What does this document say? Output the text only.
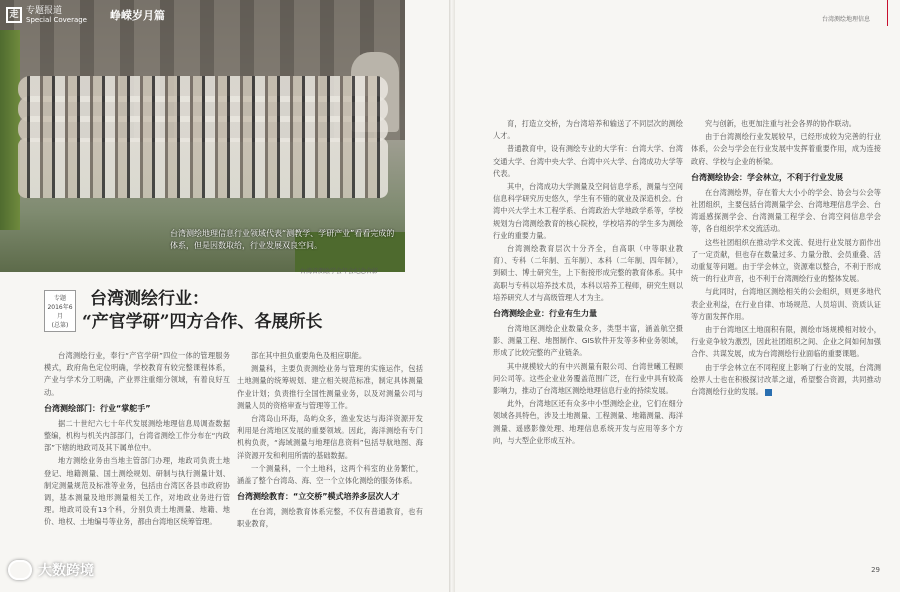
走 专题报道
Special Coverage 峥嵘岁月篇
台湾测绘地理信息行业领域代表“测教学、学研产业”看看完成的体系，但是因数取给，行业发展双良空间。
台湾省测绘学会年会纪念合影
专题
2016年6月
(总第)
台湾测绘行业：
“产官学研”四方合作、各展所长

台湾测绘行业，奉行“产官学研”四位一体的管理服务模式，政府角色定位明确，学校教育有较完整课程体系，产业与学术分工明确，产业界注重细分领域，有着良好互动。

台湾测绘部门：行业“掌舵手”

据二十世纪六七十年代发展测绘地理信息局调查数据整编，机构与机关内部部门，台湾省测绘工作分布在“内政部”下辖的地政司及其下属单位中。

地方测绘业务由当地主管部门办理，地政司负责土地登记、地籍测量、国土测绘规划、研制与执行测量计划、制定测量规范及标准等业务，包括由台湾区各县市政府协调，基本测量及地形测量相关工作，对地政业务进行管理。地政司设有13个科，分别负责土地测量、地籍、地价、地权、土地编号等业务，都由台湾地区统筹管理。

部在其中担负重要角色及相应职能。

测量科，主要负责测绘业务与管理的实施运作，包括土地测量的统筹规划、建立相关规范标准，制定具体测量作业计划；负责推行全国性测量业务，以及对测量公司与测量人员的资格审查与管理等工作。

台湾岛山环海，岛屿众多，渔业发达与海洋资源开发利用是台湾地区发展的重要领域。因此，海洋测绘有专门机构负责，“海域测量与地理信息资料”包括导航地图、海洋资源开发和利用所需的基础数据。

一个测量科，一个土地科，这两个科室的业务繁忙，涵盖了整个台湾岛、海、空一个立体化测绘的服务体系。

台湾测绘教育：“立交桥”模式培养多层次人才

在台湾，测绘教育体系完整，不仅有普通教育，也有职业教育，

大数跨境
台湾测绘地理信息

育，打造立交桥，为台湾培养和输送了不同层次的测绘人才。

普通教育中，设有测绘专业的大学有：台湾大学、台湾交通大学、台湾中央大学、台湾中兴大学、台湾成功大学等代表。

其中，台湾成功大学测量及空间信息学系，测量与空间信息科学研究历史悠久，学生有不错的就业及深造机会。台湾中兴大学土木工程学系、台湾政治大学地政学系等，学校规划为台湾测绘教育的核心院校，学校培养的学生多为测绘行业的重要力量。

台湾测绘教育层次十分齐全，自高职（中等职业教育）、专科（二年制、五年制）、本科（二年制、四年制），到硕士、博士研究生，上下衔接形成完整的教育体系。其中高职与专科以培养技术员，本科以培养工程师，研究生则以培养研究人才与高级管理人才为主。

台湾测绘企业：行业有生力量

台湾地区测绘企业数量众多，类型丰富，涵盖航空摄影、测量工程、地图制作、GIS软件开发等多种业务领域，形成了比较完整的产业链条。

其中规模较大的有中兴测量有限公司、台湾世曦工程顾问公司等。这些企业业务覆盖范围广泛，在行业中具有较高影响力，推动了台湾地区测绘地理信息行业的持续发展。

此外，台湾地区还有众多中小型测绘企业，它们在细分领域各具特色，涉及土地测量、工程测量、地籍测量、海洋测量、遥感影像处理、地理信息系统开发与应用等多个方向，与大型企业形成互补。

究与创新，也更加注重与社会各界的协作联动。

由于台湾测绘行业发展较早，已经形成较为完善的行业体系，公会与学会在行业发展中发挥着重要作用，成为连接政府、学校与企业的桥梁。

台湾测绘协会：学会林立，不利于行业发展

在台湾测绘界，存在着大大小小的学会、协会与公会等社团组织，主要包括台湾测量学会、台湾地理信息学会、台湾遥感探测学会、台湾测量工程学会、台湾空间信息学会等，各自组织学术交流活动。

这些社团组织在推动学术交流、促进行业发展方面作出了一定贡献，但也存在数量过多、力量分散、会员重叠、活动重复等问题。由于学会林立，资源难以整合，不利于形成统一的行业声音，也不利于台湾测绘行业的整体发展。

与此同时，台湾地区测绘相关的公会组织，则更多地代表企业利益，在行业自律、市场规范、人员培训、资质认证等方面发挥作用。

由于台湾地区土地面积有限，测绘市场规模相对较小，行业竞争较为激烈，因此社团组织之间、企业之间如何加强合作、共谋发展，成为台湾测绘行业面临的重要课题。

由于学会林立在不同程度上影响了行业的发展，台湾测绘界人士也在积极探讨改革之道，希望整合资源，共同推动台湾测绘行业的发展。

29
